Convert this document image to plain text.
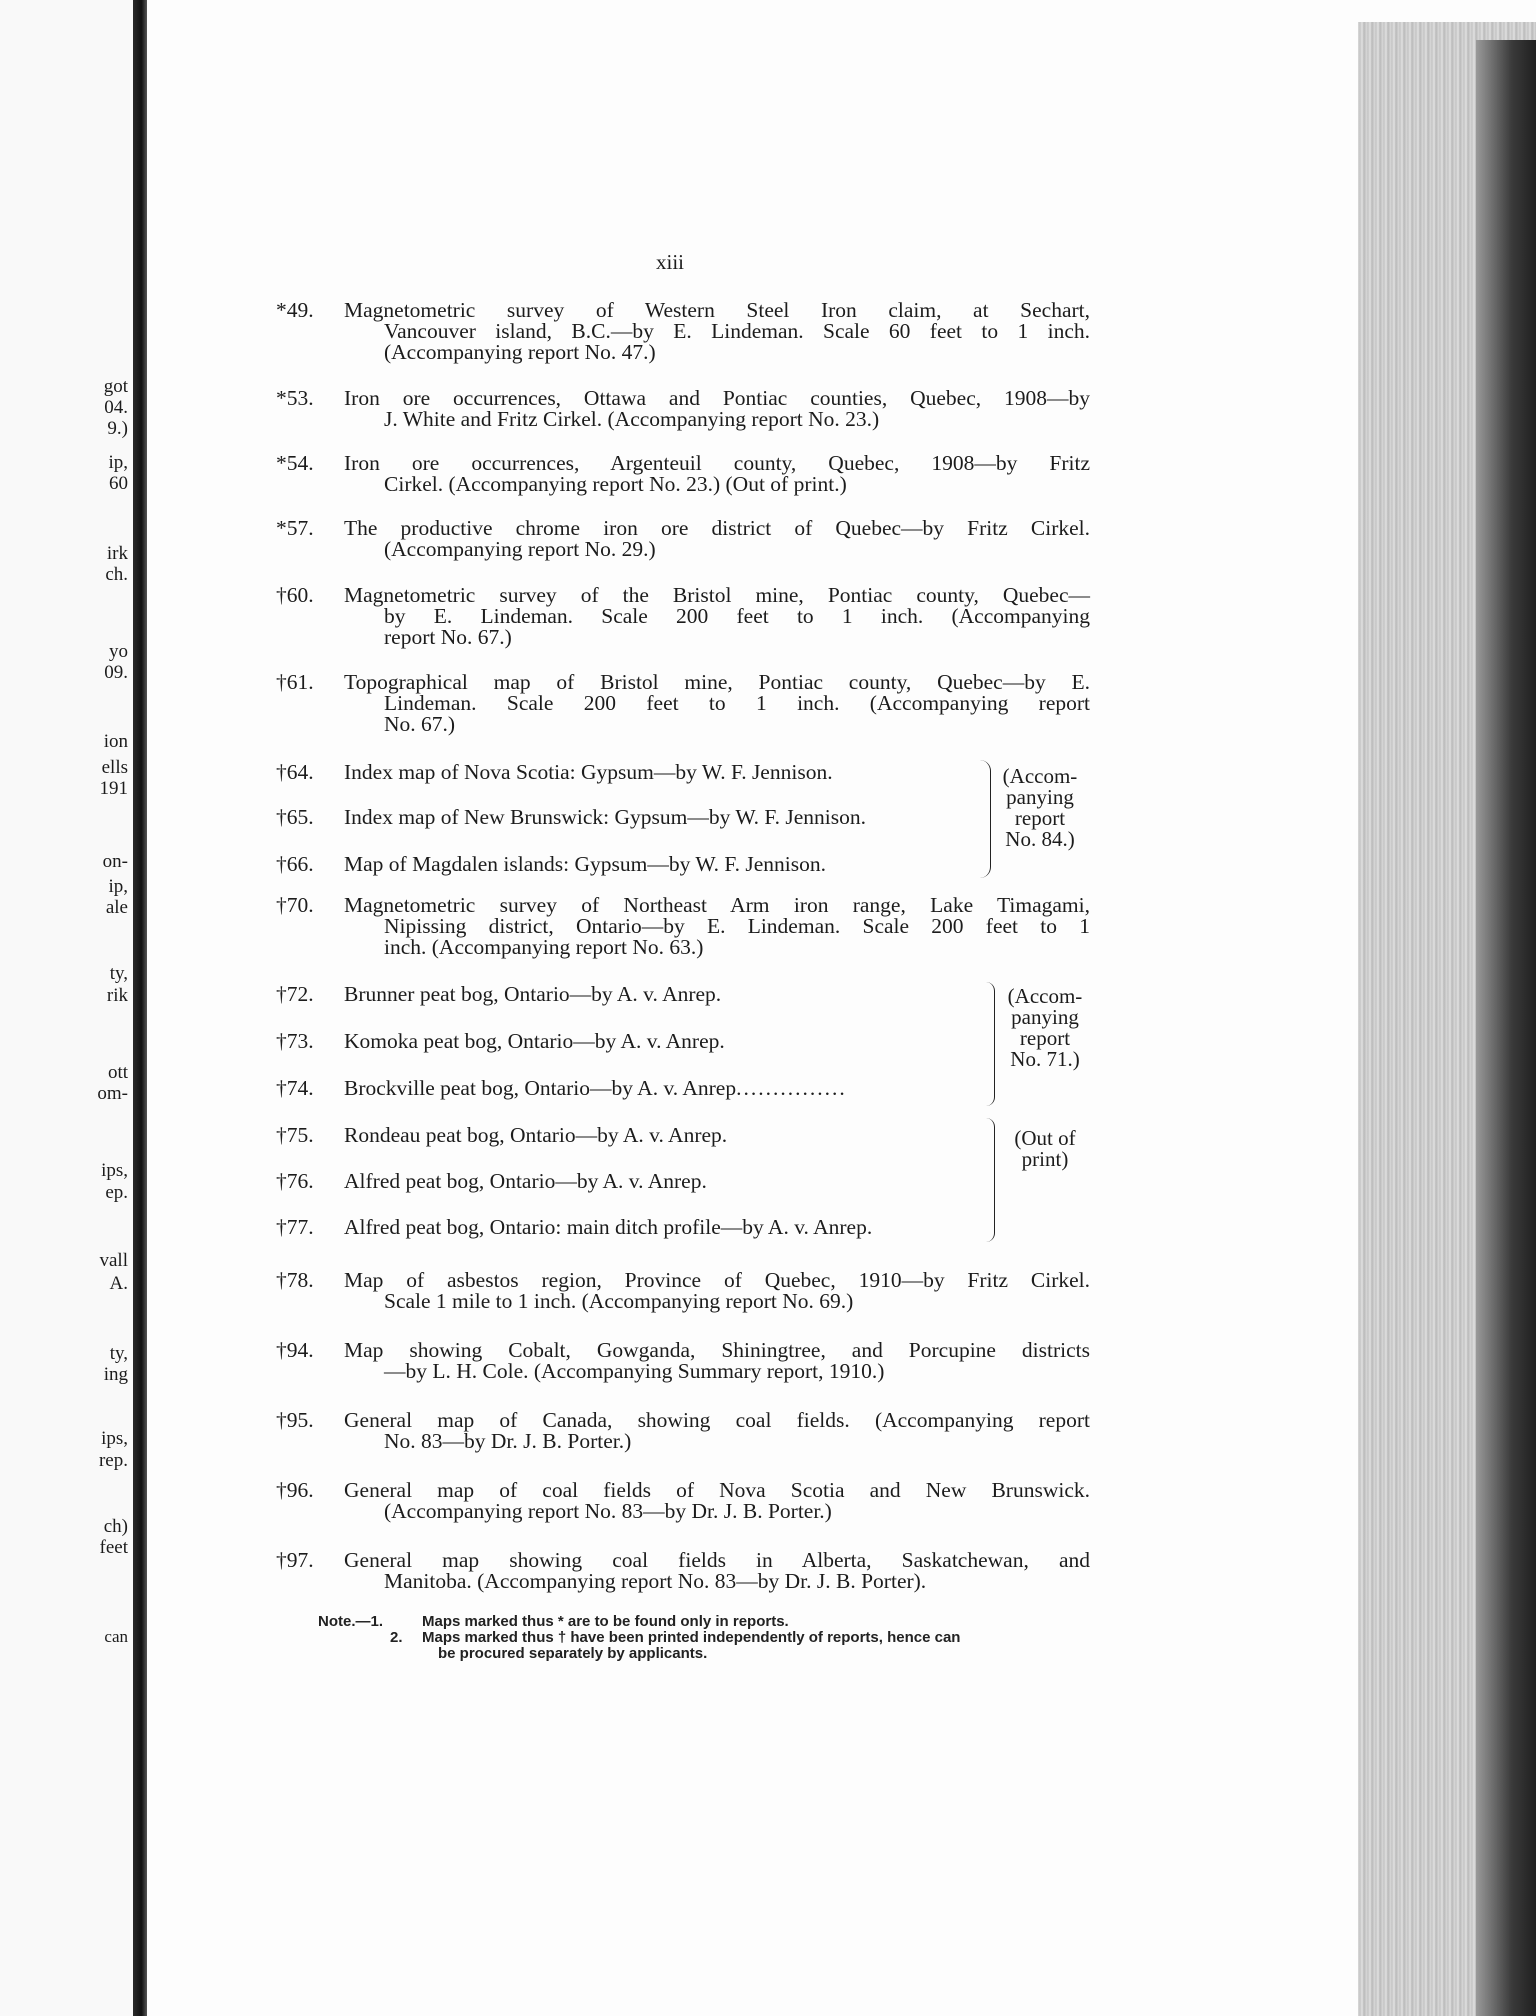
got
04.
9.)
ip,
60
irk
ch.
yo
09.
ion
ells
191
on-
ip,
ale
ty,
rik
ott
om-
ips,
ep.
vall
A.
ty,
ing
ips,
rep.
ch)
feet
can
xiii
*49.	Magnetometric survey of Western Steel Iron claim, at Sechart,
Vancouver island, B.C.—by E. Lindeman. Scale 60 feet to 1 inch.
(Accompanying report No. 47.)
*53.	Iron ore occurrences, Ottawa and Pontiac counties, Quebec, 1908—by
J. White and Fritz Cirkel. (Accompanying report No. 23.)
*54.	Iron ore occurrences, Argenteuil county, Quebec, 1908—by Fritz
Cirkel. (Accompanying report No. 23.) (Out of print.)
*57.	The productive chrome iron ore district of Quebec—by Fritz Cirkel.
(Accompanying report No. 29.)
†60.	Magnetometric survey of the Bristol mine, Pontiac county, Quebec—
by E. Lindeman. Scale 200 feet to 1 inch. (Accompanying
report No. 67.)
†61.	Topographical map of Bristol mine, Pontiac county, Quebec—by E.
Lindeman. Scale 200 feet to 1 inch. (Accompanying report
No. 67.)
†64.	Index map of Nova Scotia: Gypsum—by W. F. Jennison.
†65.	Index map of New Brunswick: Gypsum—by W. F. Jennison.
†66.	Map of Magdalen islands: Gypsum—by W. F. Jennison.
(Accom-
panying
report
No. 84.)
†70.	Magnetometric survey of Northeast Arm iron range, Lake Timagami,
Nipissing district, Ontario—by E. Lindeman. Scale 200 feet to 1
inch. (Accompanying report No. 63.)
†72.	Brunner peat bog, Ontario—by A. v. Anrep.
†73.	Komoka peat bog, Ontario—by A. v. Anrep.
†74.	Brockville peat bog, Ontario—by A. v. Anrep...............
†75.	Rondeau peat bog, Ontario—by A. v. Anrep.
†76.	Alfred peat bog, Ontario—by A. v. Anrep.
†77.	Alfred peat bog, Ontario: main ditch profile—by A. v. Anrep.
(Accom-
panying
report
No. 71.)
(Out of
print)
†78.	Map of asbestos region, Province of Quebec, 1910—by Fritz Cirkel.
Scale 1 mile to 1 inch. (Accompanying report No. 69.)
†94.	Map showing Cobalt, Gowganda, Shiningtree, and Porcupine districts
—by L. H. Cole. (Accompanying Summary report, 1910.)
†95.	General map of Canada, showing coal fields. (Accompanying report
No. 83—by Dr. J. B. Porter.)
†96.	General map of coal fields of Nova Scotia and New Brunswick.
(Accompanying report No. 83—by Dr. J. B. Porter.)
†97.	General map showing coal fields in Alberta, Saskatchewan, and
Manitoba. (Accompanying report No. 83—by Dr. J. B. Porter).
Note.—1.	Maps marked thus * are to be found only in reports.
2. Maps marked thus † have been printed independently of reports, hence can
be procured separately by applicants.
